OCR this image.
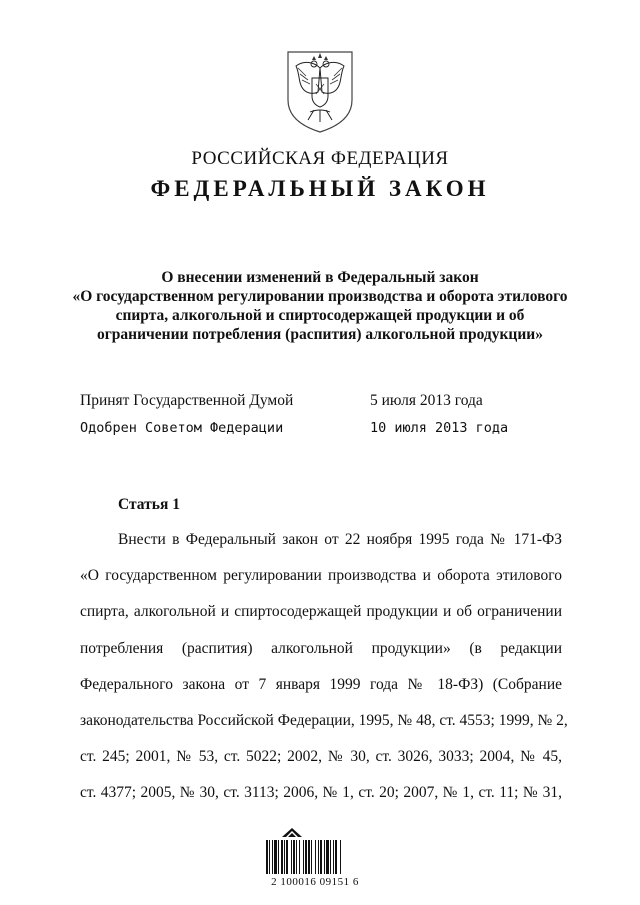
РОССИЙСКАЯ ФЕДЕРАЦИЯ
ФЕДЕРАЛЬНЫЙ ЗАКОН
О внесении изменений в Федеральный закон
«О государственном регулировании производства и оборота этилового
спирта, алкогольной и спиртосодержащей продукции и об
ограничении потребления (распития) алкогольной продукции»
Принят Государственной Думой	5 июля 2013 года
Одобрен Советом Федерации	10 июля 2013 года
Статья 1
Внести в Федеральный закон от 22 ноября 1995 года № 171-ФЗ
«О государственном регулировании производства и оборота этилового
спирта, алкогольной и спиртосодержащей продукции и об ограничении
потребления (распития) алкогольной продукции» (в редакции
Федерального закона от 7 января 1999 года № 18-ФЗ) (Собрание
законодательства Российской Федерации, 1995, № 48, ст. 4553; 1999, № 2,
ст. 245; 2001, № 53, ст. 5022; 2002, № 30, ст. 3026, 3033; 2004, № 45,
ст. 4377; 2005, № 30, ст. 3113; 2006, № 1, ст. 20; 2007, № 1, ст. 11; № 31,
2 100016 09151 6
